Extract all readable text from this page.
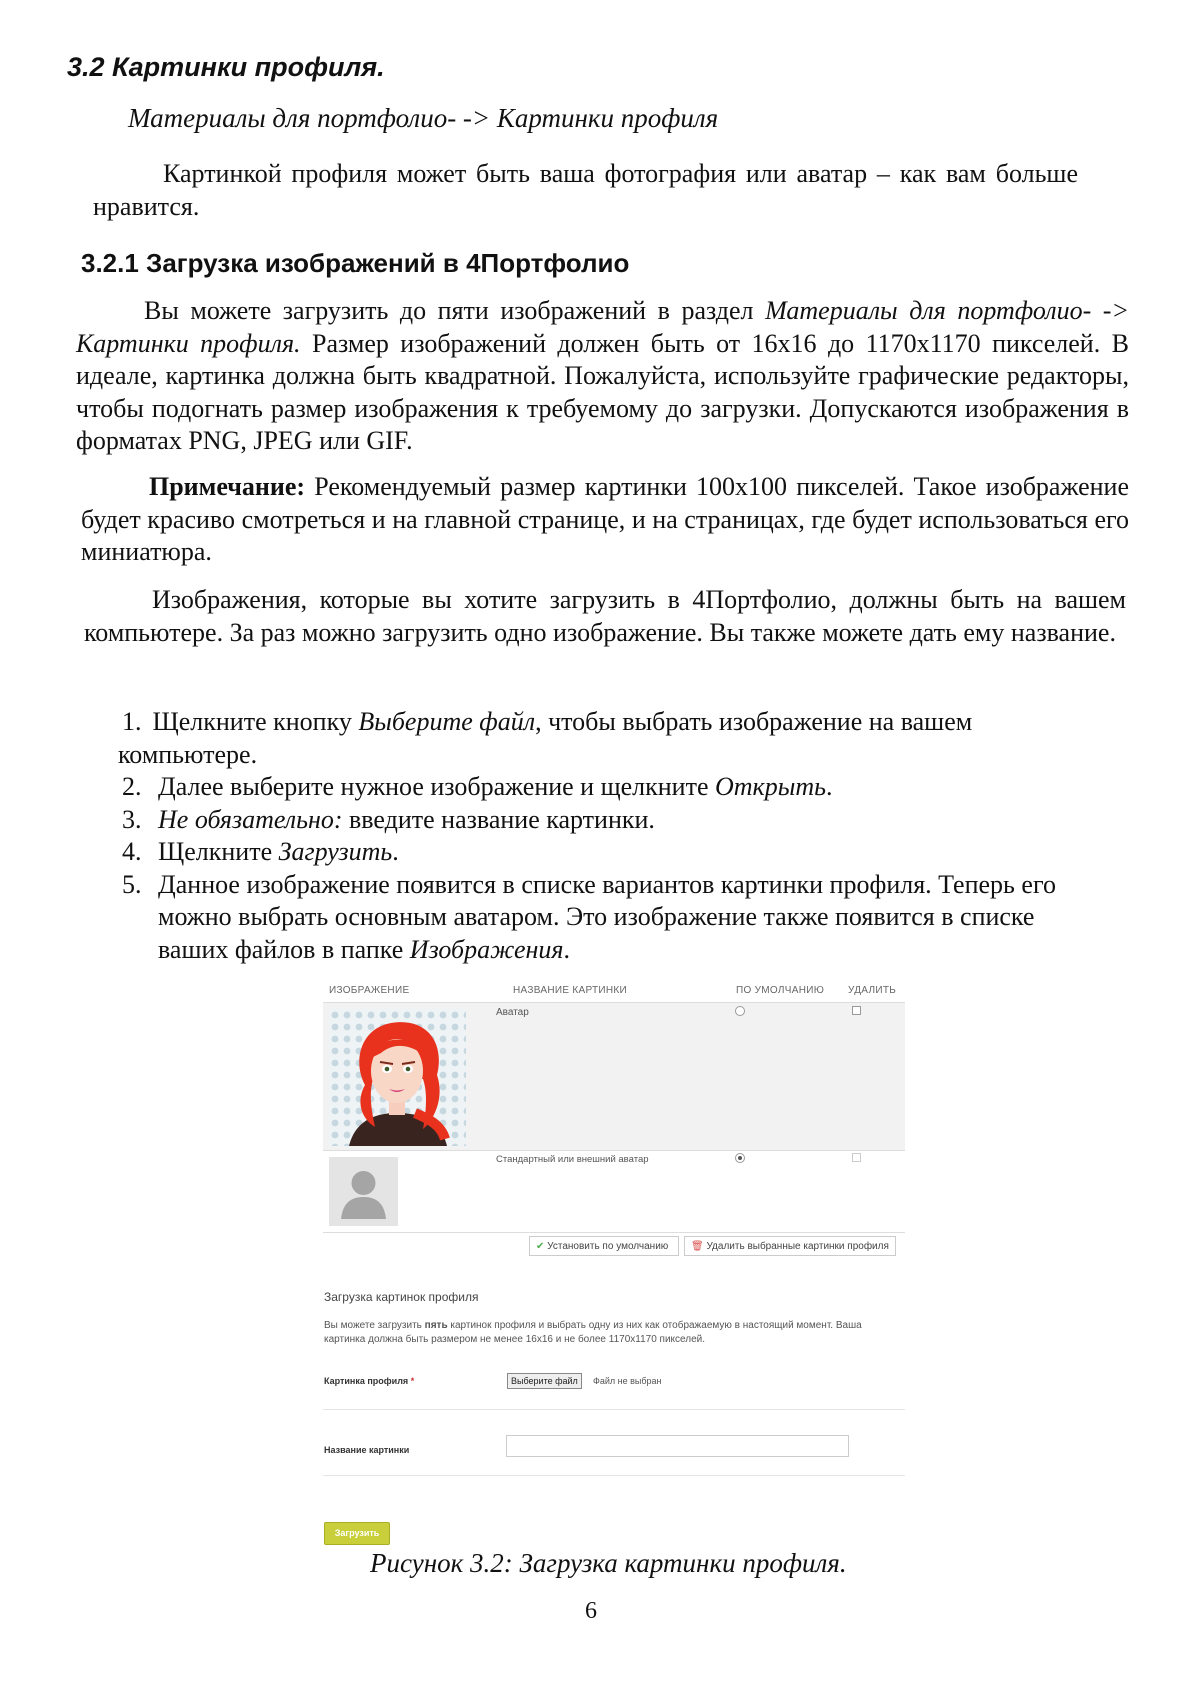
3.2 Картинки профиля.
Материалы для портфолио- -> Картинки профиля
Картинкой профиля может быть ваша фотография или аватар – как вам больше нравится.
3.2.1 Загрузка изображений в 4Портфолио
Вы можете загрузить до пяти изображений в раздел Материалы для портфолио- -> Картинки профиля. Размер изображений должен быть от 16x16 до 1170x1170 пикселей. В идеале, картинка должна быть квадратной. Пожалуйста, используйте графические редакторы, чтобы подогнать размер изображения к требуемому до загрузки. Допускаются изображения в форматах PNG, JPEG или GIF.
Примечание: Рекомендуемый размер картинки 100x100 пикселей. Такое изображение будет красиво смотреться и на главной странице, и на страницах, где будет использоваться его миниатюра.
Изображения, которые вы хотите загрузить в 4Портфолио, должны быть на вашем компьютере. За раз можно загрузить одно изображение. Вы также можете дать ему название.
1. Щелкните кнопку Выберите файл, чтобы выбрать изображение на вашем компьютере.
2. Далее выберите нужное изображение и щелкните Открыть.
3. Не обязательно: введите название картинки.
4. Щелкните Загрузить.
5. Данное изображение появится в списке вариантов картинки профиля. Теперь его можно выбрать основным аватаром. Это изображение также появится в списке ваших файлов в папке Изображения.
ИЗОБРАЖЕНИЕ	НАЗВАНИЕ КАРТИНКИ	ПО УМОЛЧАНИЮ УДАЛИТЬ
Аватар
Стандартный или внешний аватар
✔ Установить по умолчанию	🗑 Удалить выбранные картинки профиля
Загрузка картинок профиля
Вы можете загрузить пять картинок профиля и выбрать одну из них как отображаемую в настоящий момент. Ваша картинка должна быть размером не менее 16x16 и не более 1170x1170 пикселей.
Картинка профиля *	Выберите файл	Файл не выбран
Название картинки
Загрузить
Рисунок 3.2: Загрузка картинки профиля.
6
